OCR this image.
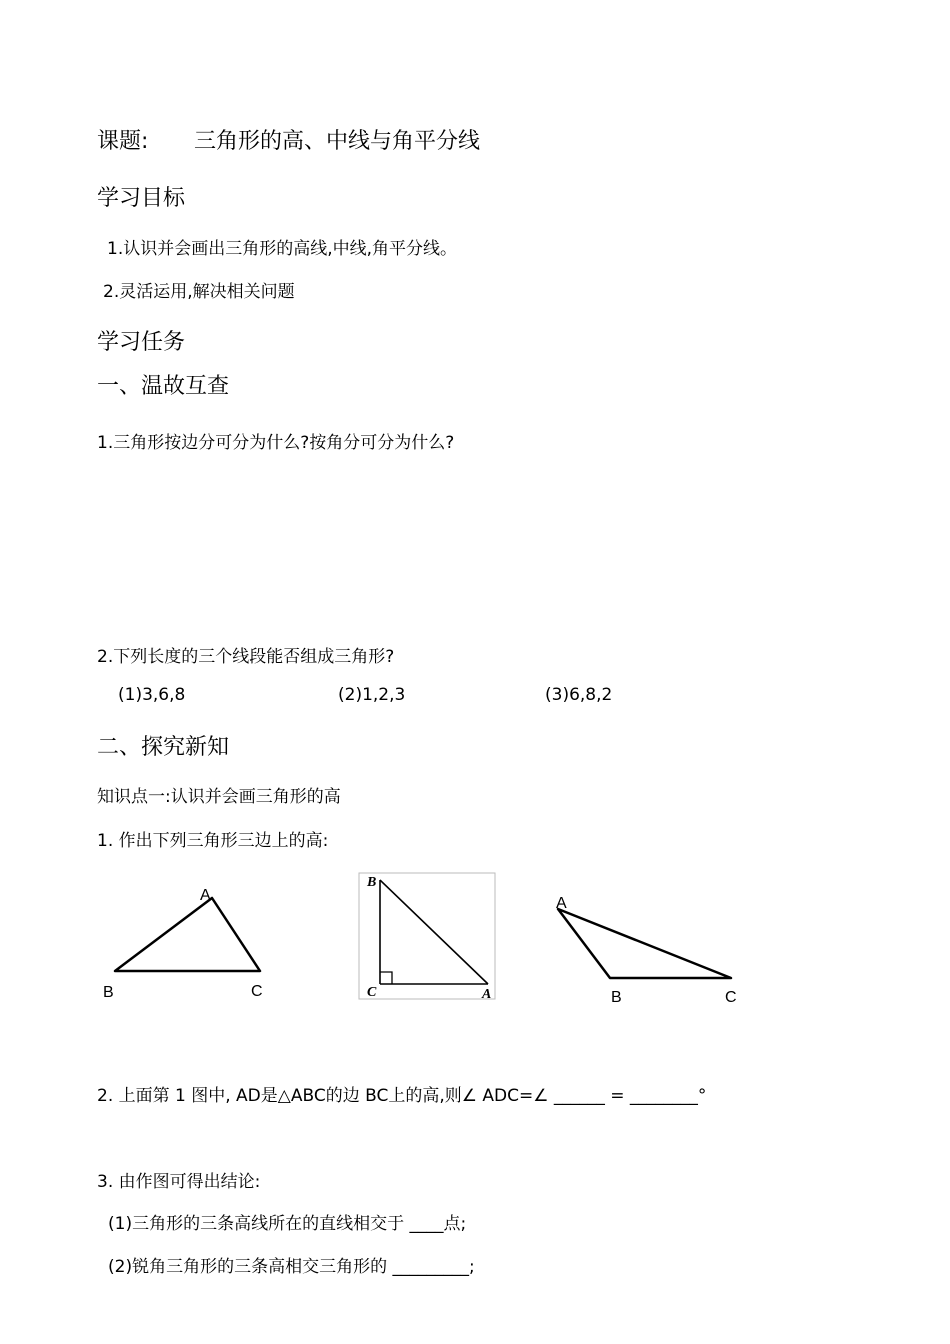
课题: 三角形的高、中线与角平分线
学习目标
1.认识并会画出三角形的高线,中线,角平分线。
2.灵活运用,解决相关问题
学习任务
一、温故互查
1.三角形按边分可分为什么?按角分可分为什么?
2.下列长度的三个线段能否组成三角形?
(1)3,6,8	(2)1,2,3	(3)6,8,2
二、探究新知
知识点一:认识并会画三角形的高
1. 作出下列三角形三边上的高:
A
B	C
B
C	A
A
B	C
2. 上面第 1 图中, AD是△ABC的边 BC上的高,则∠ ADC=∠ ______ = ________°
3. 由作图可得出结论:
(1)三角形的三条高线所在的直线相交于 ____点;
(2)锐角三角形的三条高相交三角形的 _________;
